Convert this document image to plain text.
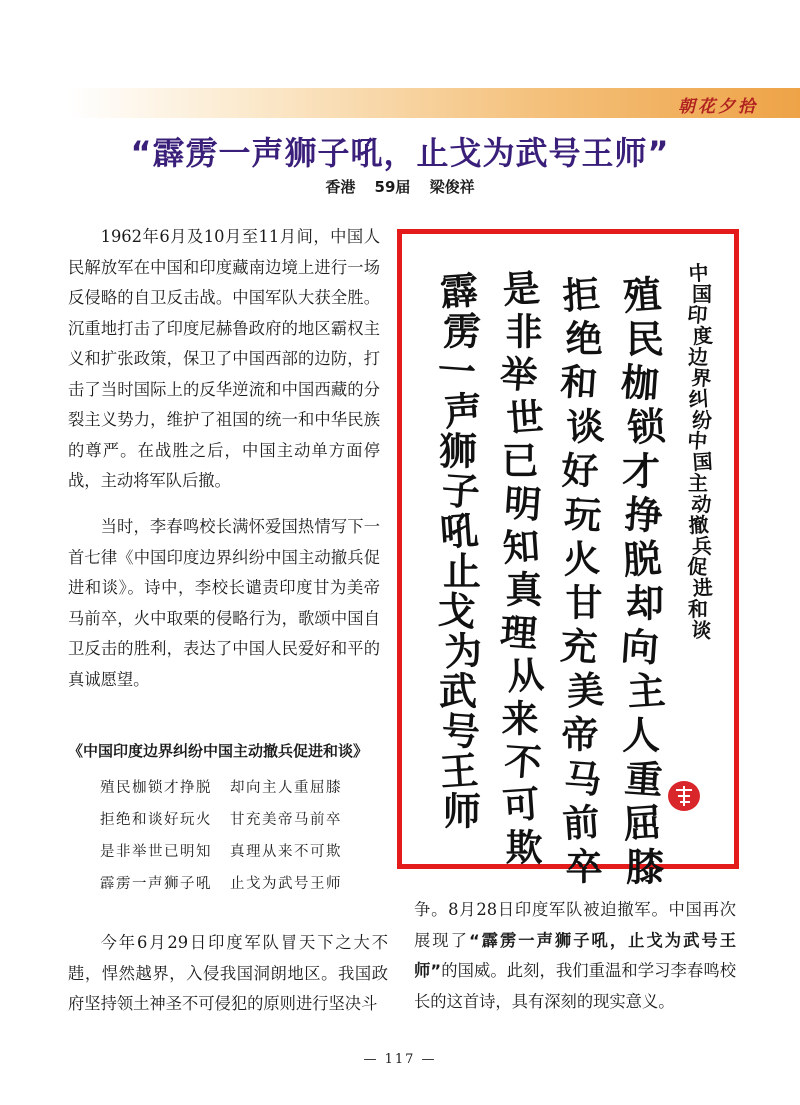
朝花夕拾
“霹雳一声狮子吼，止戈为武号王师”
香港 59届 梁俊祥

1962年6月及10月至11月间，中国人民解放军在中国和印度藏南边境上进行一场反侵略的自卫反击战。中国军队大获全胜。沉重地打击了印度尼赫鲁政府的地区霸权主义和扩张政策，保卫了中国西部的边防，打击了当时国际上的反华逆流和中国西藏的分裂主义势力，维护了祖国的统一和中华民族的尊严。在战胜之后，中国主动单方面停战，主动将军队后撤。

当时，李春鸣校长满怀爱国热情写下一首七律《中国印度边界纠纷中国主动撤兵促进和谈》。诗中，李校长谴责印度甘为美帝马前卒，火中取栗的侵略行为，歌颂中国自卫反击的胜利，表达了中国人民爱好和平的真诚愿望。

《中国印度边界纠纷中国主动撤兵促进和谈》
殖民枷锁才挣脱 却向主人重屈膝
拒绝和谈好玩火 甘充美帝马前卒
是非举世已明知 真理从来不可欺
霹雳一声狮子吼 止戈为武号王师

今年6月29日印度军队冒天下之大不韪，悍然越界，入侵我国洞朗地区。我国政府坚持领土神圣不可侵犯的原则进行坚决斗

中
国
印
度
边
界
纠
纷
中
国
主
动
撤
兵
促
进
和
谈
殖
民
枷
锁
才
挣
脱
却
向
主
人
重
屈
膝
拒
绝
和
谈
好
玩
火
甘
充
美
帝
马
前
卒
是
非
举
世
已
明
知
真
理
从
来
不
可
欺
霹
雳
一
声
狮
子
吼
止
戈
为
武
号
王
师

争。8月28日印度军队被迫撤军。中国再次展现了“霹雳一声狮子吼，止戈为武号王师”的国威。此刻，我们重温和学习李春鸣校长的这首诗，具有深刻的现实意义。

— 117 —
